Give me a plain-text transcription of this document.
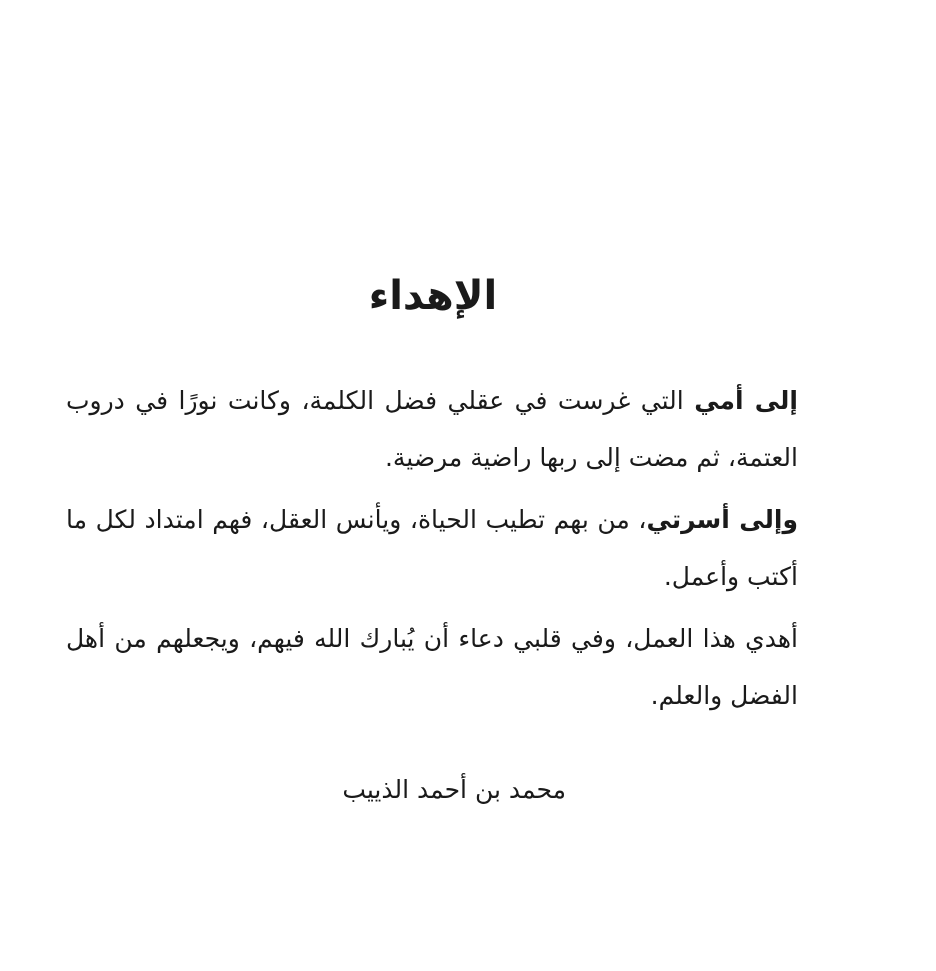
الإهداء

إلى أمي التي غرست في عقلي فضل الكلمة، وكانت نورًا في دروب العتمة، ثم مضت إلى ربها راضية مرضية.

وإلى أسرتي، من بهم تطيب الحياة، ويأنس العقل، فهم امتداد لكل ما أكتب وأعمل.

أهدي هذا العمل، وفي قلبي دعاء أن يُبارك الله فيهم، ويجعلهم من أهل الفضل والعلم.

محمد بن أحمد الذييب
